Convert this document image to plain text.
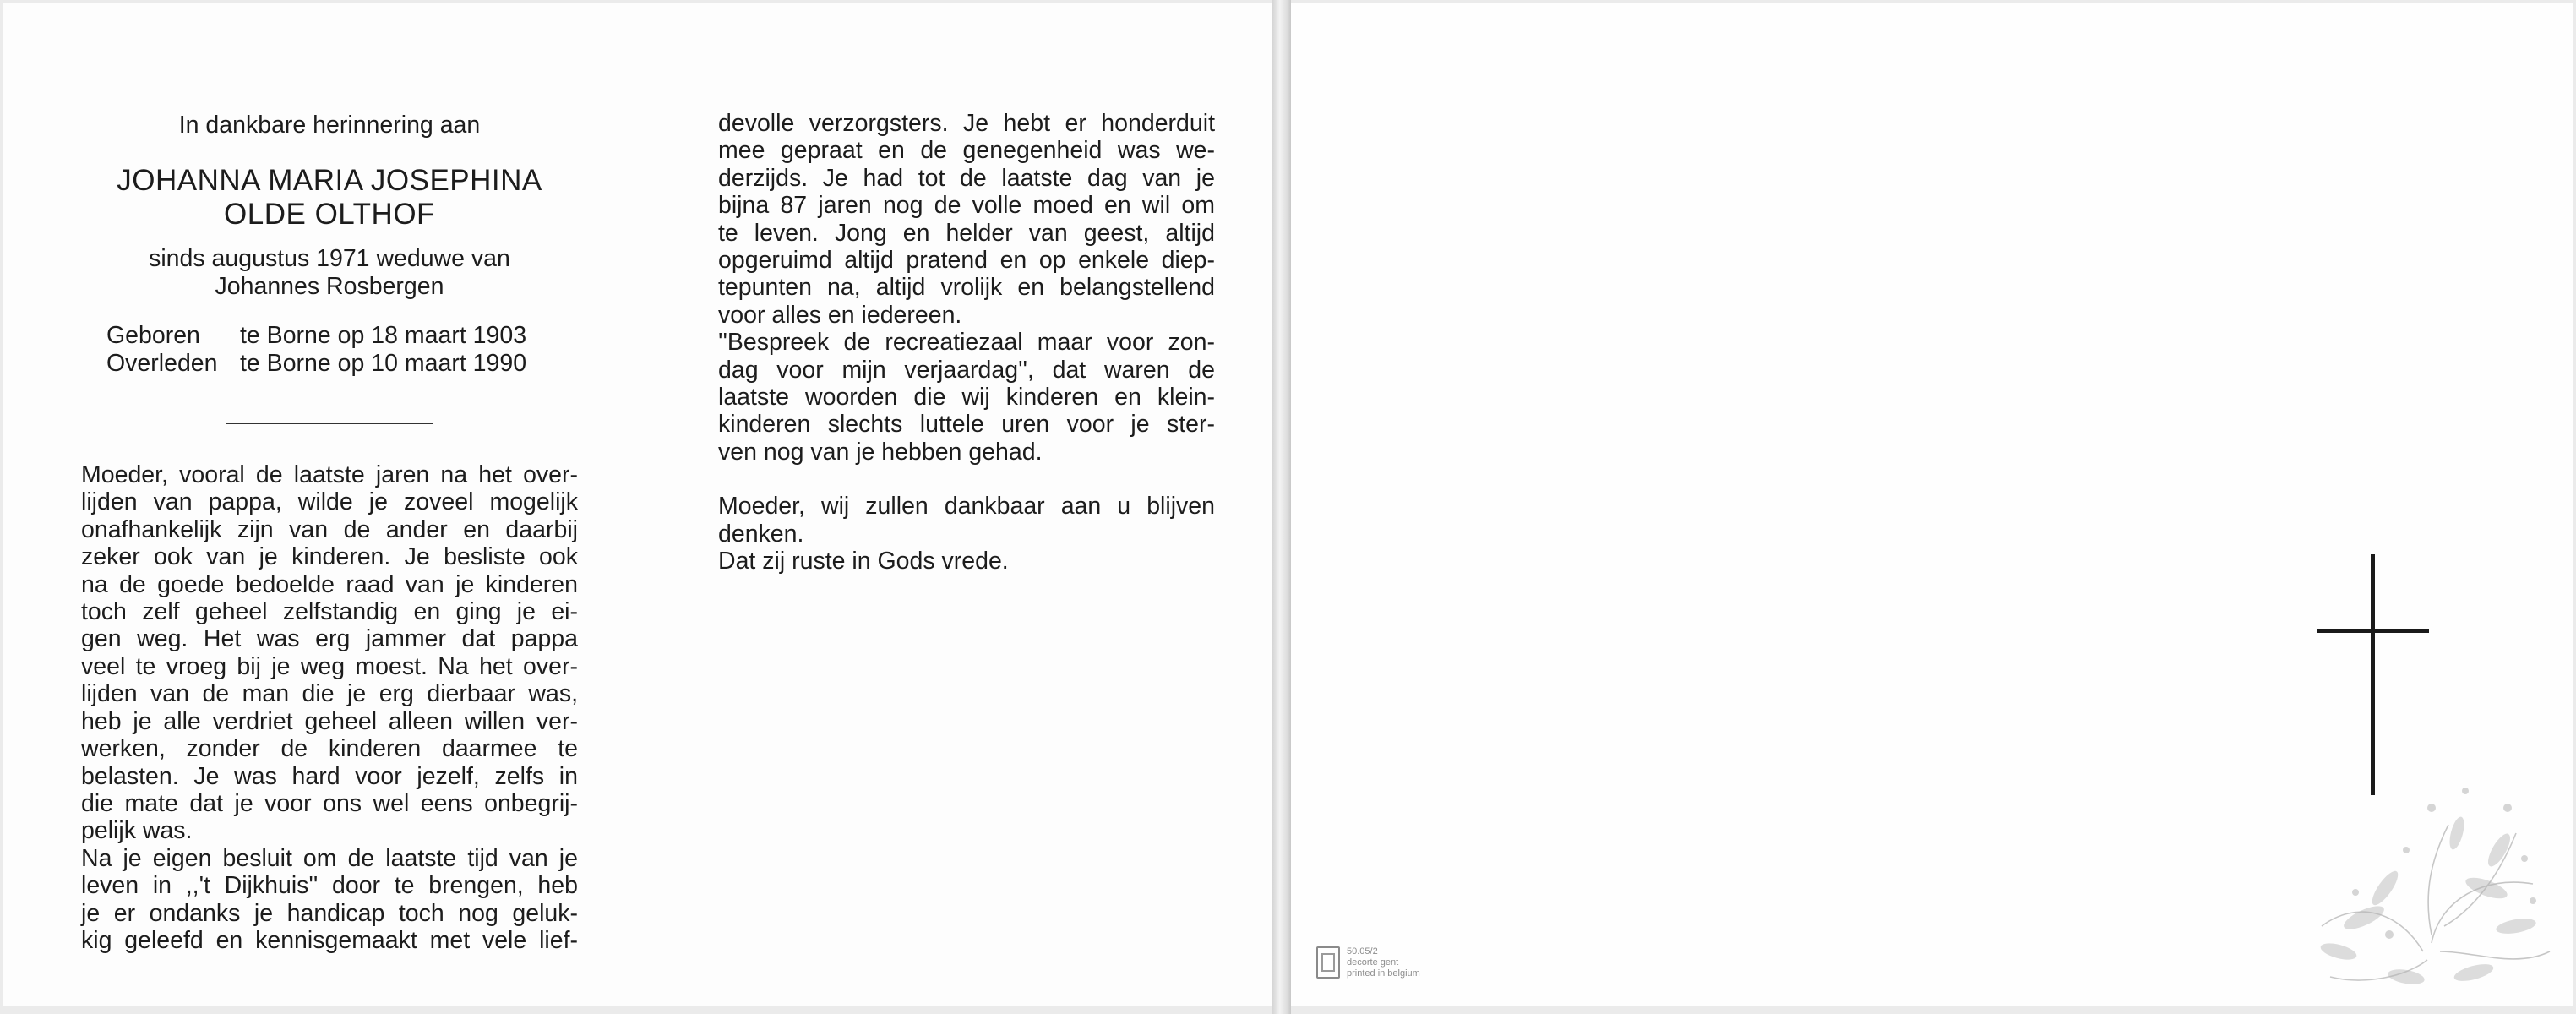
In dankbare herinnering aan
JOHANNA MARIA JOSEPHINA
OLDE OLTHOF
sinds augustus 1971 weduwe van
Johannes Rosbergen
Geboren	te Borne op 18 maart 1903
Overleden te Borne op 10 maart 1990
Moeder, vooral de laatste jaren na het over-
lijden van pappa, wilde je zoveel mogelijk
onafhankelijk zijn van de ander en daarbij
zeker ook van je kinderen. Je besliste ook
na de goede bedoelde raad van je kinderen
toch zelf geheel zelfstandig en ging je ei-
gen weg. Het was erg jammer dat pappa
veel te vroeg bij je weg moest. Na het over-
lijden van de man die je erg dierbaar was,
heb je alle verdriet geheel alleen willen ver-
werken, zonder de kinderen daarmee te
belasten. Je was hard voor jezelf, zelfs in
die mate dat je voor ons wel eens onbegrij-
pelijk was.
Na je eigen besluit om de laatste tijd van je
leven in ,,'t Dijkhuis'' door te brengen, heb
je er ondanks je handicap toch nog geluk-
kig geleefd en kennisgemaakt met vele lief-
devolle verzorgsters. Je hebt er honderduit
mee gepraat en de genegenheid was we-
derzijds. Je had tot de laatste dag van je
bijna 87 jaren nog de volle moed en wil om
te leven. Jong en helder van geest, altijd
opgeruimd altijd pratend en op enkele diep-
tepunten na, altijd vrolijk en belangstellend
voor alles en iedereen.
''Bespreek de recreatiezaal maar voor zon-
dag voor mijn verjaardag'', dat waren de
laatste woorden die wij kinderen en klein-
kinderen slechts luttele uren voor je ster-
ven nog van je hebben gehad.
Moeder, wij zullen dankbaar aan u blijven
denken.
Dat zij ruste in Gods vrede.
50.05/2
decorte gent
printed in belgium
